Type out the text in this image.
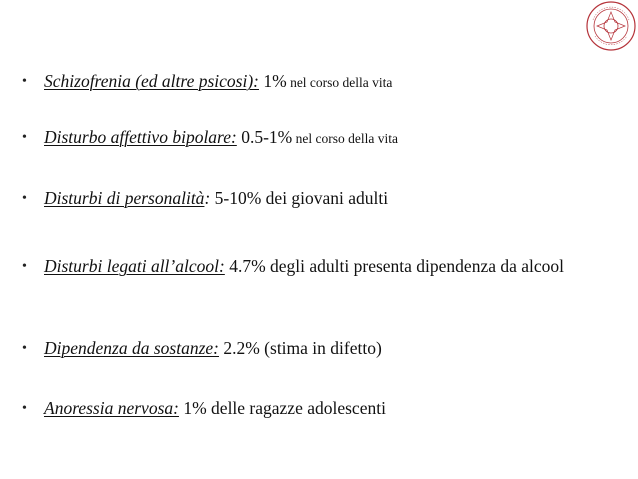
• Schizofrenia (ed altre psicosi): 1% nel corso della vita
• Disturbo affettivo bipolare: 0.5-1% nel corso della vita
• Disturbi di personalità: 5-10% dei giovani adulti
• Disturbi legati all’alcool: 4.7% degli adulti presenta dipendenza da alcool
• Dipendenza da sostanze: 2.2% (stima in difetto)
• Anoressia nervosa: 1% delle ragazze adolescenti
